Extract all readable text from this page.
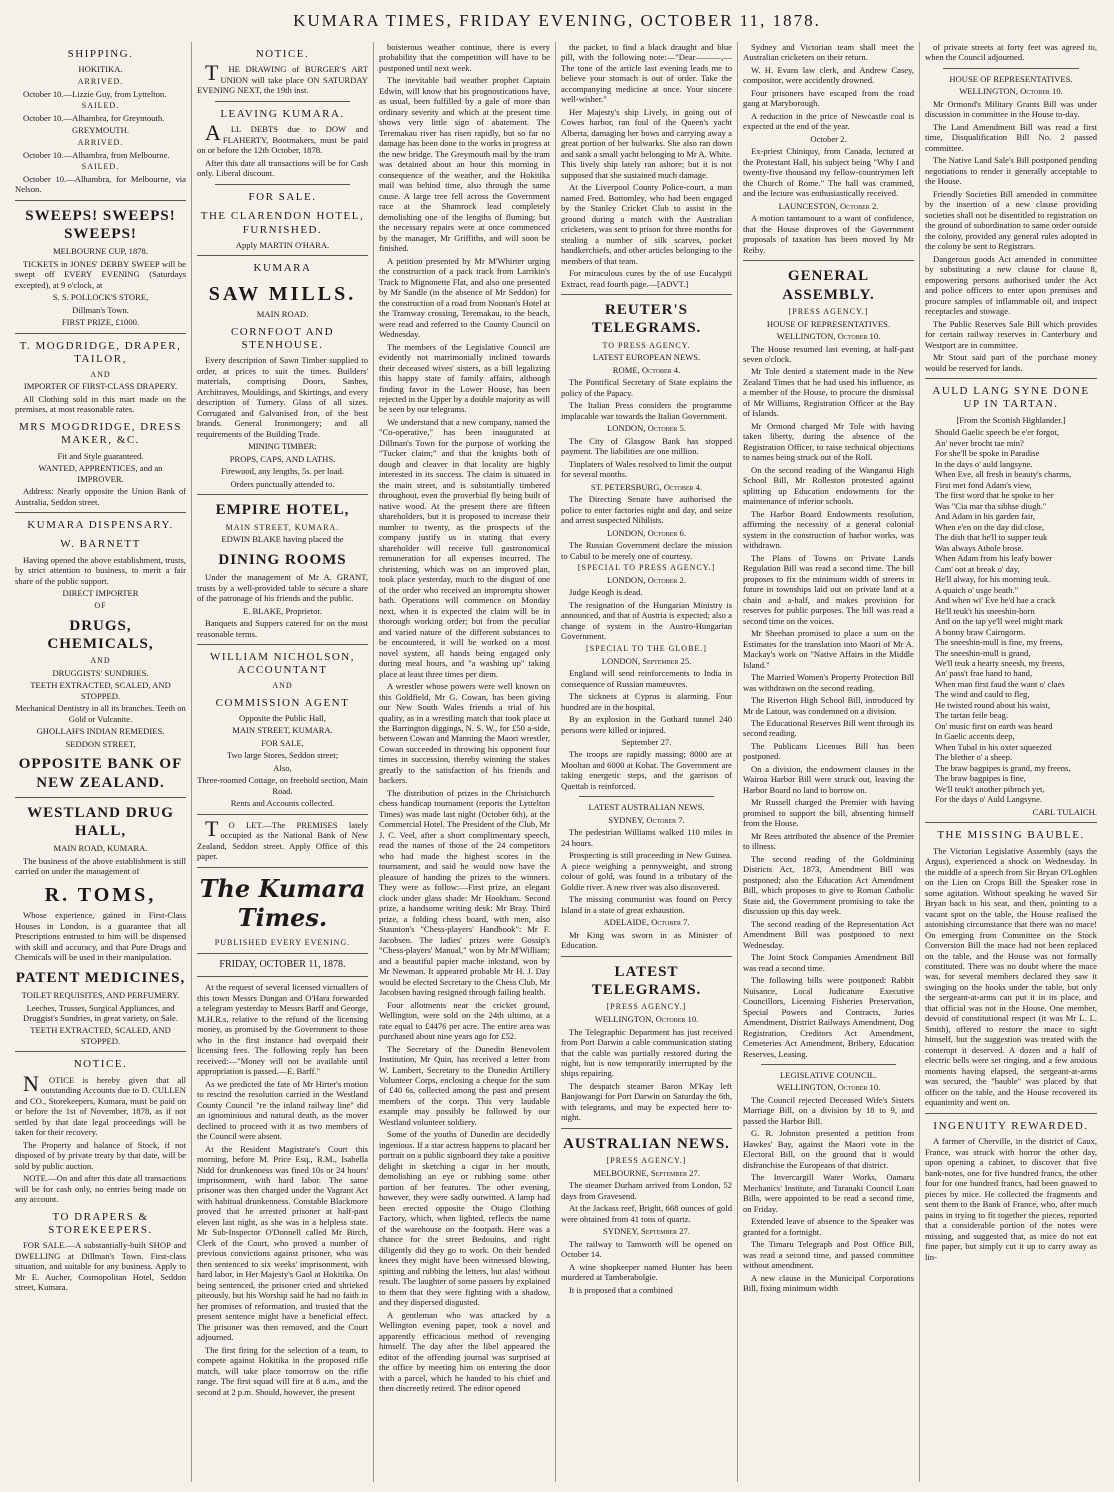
KUMARA TIMES, FRIDAY EVENING, OCTOBER 11, 1878.
SHIPPING.
HOKITIKA.
ARRIVED.

October 10.—Lizzie Guy, from Lyttelton.

SAILED.

October 10.—Alhambra, for Greymouth.

GREYMOUTH.
ARRIVED.

October 10.—Alhambra, from Melbourne.

SAILED.

October 10.—Alhambra, for Melbourne, via Nelson.

SWEEPS! SWEEPS! SWEEPS!
MELBOURNE CUP, 1878.

TICKETS in JONES' DERBY SWEEP will be swept off EVERY EVENING (Saturdays excepted), at 9 o'clock, at

S. S. POLLOCK'S STORE,
Dillman's Town.
FIRST PRIZE, £1000.
T. MOGDRIDGE, DRAPER, TAILOR,
AND
IMPORTER OF FIRST-CLASS DRAPERY.

All Clothing sold in this mart made on the premises, at most reasonable rates.

MRS MOGDRIDGE, DRESS MAKER, &C.
Fit and Style guaranteed.
WANTED, APPRENTICES, and an IMPROVER.

Address: Nearly opposite the Union Bank of Australia, Seddon street.

KUMARA DISPENSARY.
W. BARNETT

Having opened the above establishment, trusts, by strict attention to business, to merit a fair share of the public support.

DIRECT IMPORTER
OF
DRUGS, CHEMICALS,
AND
DRUGGISTS' SUNDRIES.
TEETH EXTRACTED, SCALED, AND STOPPED.
Mechanical Dentistry in all its branches. Teeth on Gold or Vulcanite.
GHOLLAH'S INDIAN REMEDIES.
SEDDON STREET,
OPPOSITE BANK OF NEW ZEALAND.
WESTLAND DRUG HALL,
MAIN ROAD, KUMARA.

The business of the above establishment is still carried on under the management of

R. TOMS,

Whose experience, gained in First-Class Houses in London, is a guarantee that all Prescriptions entrusted to him will be dispensed with skill and accuracy, and that Pure Drugs and Chemicals will be used in their manipulation.

PATENT MEDICINES,
TOILET REQUISITES, AND PERFUMERY.
Leeches, Trusses, Surgical Appliances, and Druggist's Sundries, in great variety, on Sale.
TEETH EXTRACTED, SCALED, AND STOPPED.
NOTICE.

NOTICE is hereby given that all outstanding Accounts due to D. CULLEN and CO., Storekeepers, Kumara, must be paid on or before the 1st of November, 1878, as if not settled by that date legal proceedings will be taken for their recovery.

The Property and balance of Stock, if not disposed of by private treaty by that date, will be sold by public auction.

NOTE.—On and after this date all transactions will be for cash only, no entries being made on any account.

TO DRAPERS & STOREKEEPERS.

FOR SALE.—A substantially-built SHOP and DWELLING at Dillman's Town. First-class situation, and suitable for any business. Apply to Mr E. Aucher, Cosmopolitan Hotel, Seddon street, Kumara.

NOTICE.

THE DRAWING of BURGER'S ART UNION will take place ON SATURDAY EVENING NEXT, the 19th inst.

LEAVING KUMARA.

ALL DEBTS due to DOW and FLAHERTY, Bootmakers, must be paid on or before the 12th October, 1878.

After this date all transactions will be for Cash only. Liberal discount.

FOR SALE.
THE CLARENDON HOTEL, FURNISHED.
Apply MARTIN O'HARA.
KUMARA
SAW MILLS.
MAIN ROAD.
CORNFOOT AND STENHOUSE.

Every description of Sawn Timber supplied to order, at prices to suit the times. Builders' materials, comprising Doors, Sashes, Architraves, Mouldings, and Skirtings, and every description of Turnery. Glass of all sizes. Corrugated and Galvanised Iron, of the best brands. General Ironmongery; and all requirements of the Building Trade.

MINING TIMBER:
PROPS, CAPS, AND LATHS.
Firewood, any lengths, 5s. per load.
Orders punctually attended to.
EMPIRE HOTEL,
MAIN STREET, KUMARA.
EDWIN BLAKE having placed the
DINING ROOMS

Under the management of Mr A. GRANT, trusts by a well-provided table to secure a share of the patronage of his friends and the public.

E. BLAKE, Proprietor.

Banquets and Suppers catered for on the most reasonable terms.

WILLIAM NICHOLSON, ACCOUNTANT
AND
COMMISSION AGENT
Opposite the Public Hall,
MAIN STREET, KUMARA.
FOR SALE,
Two large Stores, Seddon street;
Also,
Three-roomed Cottage, on freehold section, Main Road.
Rents and Accounts collected.

TO LET.—The PREMISES lately occupied as the National Bank of New Zealand, Seddon street. Apply Office of this paper.

The Kumara Times.
PUBLISHED EVERY EVENING.
FRIDAY, OCTOBER 11, 1878.

At the request of several licensed victuallers of this town Messrs Dungan and O'Hara forwarded a telegram yesterday to Messrs Barff and George, M.H.R.s, relative to the refund of the licensing money, as promised by the Government to those who in the first instance had overpaid their licensing fees. The following reply has been received:—"Money will not be available until appropriation is passed.—E. Barff."

As we predicted the fate of Mr Hirter's motion to rescind the resolution carried in the Westland County Council "re the inland railway line" did an ignominious and natural death, as the mover declined to proceed with it as two members of the Council were absent.

At the Resident Magistrate's Court this morning, before M. Price Esq., R.M., Isabella Nidd for drunkenness was fined 10s or 24 hours' imprisonment, with hard labor. The same prisoner was then charged under the Vagrant Act with habitual drunkenness. Constable Blackmore proved that he arrested prisoner at half-past eleven last night, as she was in a helpless state. Mr Sub-Inspector O'Donnell called Mr Birch, Clerk of the Court, who proved a number of previous convictions against prisoner, who was then sentenced to six weeks' imprisonment, with hard labor, in Her Majesty's Gaol at Hokitika. On being sentenced, the prisoner cried and shrieked piteously, but his Worship said he had no faith in her promises of reformation, and trusted that the present sentence might have a beneficial effect. The prisoner was then removed, and the Court adjourned.

The first firing for the selection of a team, to compete against Hokitika in the proposed rifle match, will take place tomorrow on the rifle range. The first squad will fire at 8 a.m., and the second at 2 p.m. Should, however, the present

boisterous weather continue, there is every probability that the competition will have to be postponed until next week.

The inevitable bad weather prophet Captain Edwin, will know that his prognostications have, as usual, been fulfilled by a gale of more than ordinary severity and which at the present time shows very little sign of abatement. The Teremakau river has risen rapidly, but so far no damage has been done to the works in progress at the new bridge. The Greymouth mail by the tram was detained about an hour this morning in consequence of the weather, and the Hokitika mail was behind time, also through the same cause. A large tree fell across the Government race at the Shamrock lead completely demolishing one of the lengths of fluming; but the necessary repairs were at once commenced by the manager, Mr Griffiths, and will soon be finished.

A petition presented by Mr M'Whirter urging the construction of a pack track from Larrikin's Track to Mignonette Flat, and also one presented by Mr Sandle (in the absence of Mr Seddon) for the construction of a road from Noonan's Hotel at the Tramway crossing, Teremakau, to the beach, were read and referred to the County Council on Wednesday.

The members of the Legislative Council are evidently not matrimonially inclined towards their deceased wives' sisters, as a bill legalizing this happy state of family affairs, although finding favor in the Lower House, has been rejected in the Upper by a double majority as will be seen by our telegrams.

We understand that a new company, named the "Co-operative," has been inaugurated at Dillman's Town for the purpose of working the "Tucker claim;" and that the knights both of dough and cleaver in that locality are highly interested in its success. The claim is situated in the main street, and is substantially timbered throughout, even the proverbial fly being built of native wood. At the present there are fifteen shareholders, but it is proposed to increase their number to twenty, as the prospects of the company justify us in stating that every shareholder will receive full gastronomical remuneration for all expenses incurred. The christening, which was on an improved plan, took place yesterday, much to the disgust of one of the order who received an impromptu shower bath. Operations will commence on Monday next, when it is expected the claim will be in thorough working order; but from the peculiar and varied nature of the different substances to be encountered, it will be worked on a most novel system, all hands being engaged only during meal hours, and "a washing up" taking place at least three times per diem.

A wrestler whose powers were well known on this Goldfield, Mr G. Cowan, has been giving our New South Wales friends a trial of his quality, as in a wrestling match that took place at the Barrington diggings, N. S. W., for £50 a-side, between Cowan and Manning the Maori wrestler, Cowan succeeded in throwing his opponent four times in succession, thereby winning the stakes greatly to the satisfaction of his friends and backers.

The distribution of prizes in the Christchurch chess handicap tournament (reports the Lyttelton Times) was made last night (October 6th), at the Commercial Hotel. The President of the Club, Mr J. C. Veel, after a short complimentary speech, read the names of those of the 24 competitors who had made the highest scores in the tournament, and said he would now have the pleasure of handing the prizes to the winners. They were as follow:—First prize, an elegant clock under glass shade: Mr Hookham. Second prize, a handsome writing desk: Mr Bray. Third prize, a folding chess board, with men, also Staunton's "Chess-players' Handbook": Mr F. Jacobsen. The ladies' prizes were Gossip's "Chess-players' Manual," won by Mr M'William; and a beautiful papier mache inkstand, won by Mr Newman. It appeared probable Mr H. J. Day would be elected Secretary to the Chess Club, Mr Jacobsen having resigned through failing health.

Four allotments near the cricket ground, Wellington, were sold on the 24th ultimo, at a rate equal to £4476 per acre. The entire area was purchased about nine years ago for £52.

The Secretary of the Dunedin Benevolent Institution, Mr Quin, has received a letter from W. Lambert, Secretary to the Dunedin Artillery Volunteer Corps, enclosing a cheque for the sum of £40 6s, collected among the past and present members of the corps. This very laudable example may possibly be followed by our Westland volunteer soldiery.

Some of the youths of Dunedin are decidedly ingenious. If a star actress happens to placard her portrait on a public signboard they take a positive delight in sketching a cigar in her mouth, demolishing an eye or rubbing some other portion of her features. The other evening, however, they were sadly outwitted. A lamp had been erected opposite the Otago Clothing Factory, which, when lighted, reflects the name of the warehouse on the footpath. Here was a chance for the street Bedouins, and right diligently did they go to work. On their bended knees they might have been witnessed blowing, spitting and rubbing the letters, but alas! without result. The laughter of some passers by explained to them that they were fighting with a shadow, and they dispersed disgusted.

A gentleman who was attacked by a Wellington evening paper, took a novel and apparently efficacious method of revenging himself. The day after the libel appeared the editor of the offending journal was surprised at the office by meeting him on entering the door with a parcel, which he handed to his chief and then discreetly retired. The editor opened

the packet, to find a black draught and blue pill, with the following note:—"Dear———,—The tone of the article last evening leads me to believe your stomach is out of order. Take the accompanying medicine at once. Your sincere well-wisher."

Her Majesty's ship Lively, in going out of Cowes harbor, ran foul of the Queen's yacht Alberta, damaging her bows and carrying away a great portion of her bulwarks. She also ran down and sank a small yacht belonging to Mr A. White. This lively ship lately ran ashore; but it is not supposed that she sustained much damage.

At the Liverpool County Police-court, a man named Fred. Bottomley, who had been engaged by the Stanley Cricket Club to assist in the ground during a match with the Australian cricketers, was sent to prison for three months for stealing a number of silk scarves, pocket handkerchiefs, and other articles belonging to the members of that team.

For miraculous cures by the of use Eucalypti Extract, read fourth page.—[ADVT.]

REUTER'S TELEGRAMS.
TO PRESS AGENCY.
LATEST EUROPEAN NEWS.
ROME, October 4.

The Pontifical Secretary of State explains the policy of the Papacy.

The Italian Press considers the programme implacable war towards the Italian Government.

LONDON, October 5.

The City of Glasgow Bank has stopped payment. The liabilities are one million.

Tinplaters of Wales resolved to limit the output for several months.

ST. PETERSBURG, October 4.

The Directing Senate have authorised the police to enter factories night and day, and seize and arrest suspected Nihilists.

LONDON, October 6.

The Russian Government declare the mission to Cabul to be merely one of courtesy.

[SPECIAL TO PRESS AGENCY.]
LONDON, October 2.

Judge Keogh is dead.

The resignation of the Hungarian Ministry is announced, and that of Austria is expected; also a change of system in the Austro-Hungarian Government.

[SPECIAL TO THE GLOBE.]
LONDON, September 25.

England will send reinforcements to India in consequence of Russian manœuvres.

The sickness at Cyprus is alarming. Four hundred are in the hospital.

By an explosion in the Gothard tunnel 240 persons were killed or injured.

September 27.

The troops are rapidly massing; 8000 are at Mooltan and 6000 at Kohat. The Government are taking energetic steps, and the garrison of Quettah is reinforced.

LATEST AUSTRALIAN NEWS.
SYDNEY, October 7.

The pedestrian Williams walked 110 miles in 24 hours.

Prospecting is still proceeding in New Guinea. A piece weighing a pennyweight, and strong colour of gold, was found in a tributary of the Goldie river. A new river was also discovered.

The missing communist was found on Percy Island in a state of great exhaustion.

ADELAIDE, October 7.

Mr King was sworn in as Minister of Education.

LATEST TELEGRAMS.
[PRESS AGENCY.]
WELLINGTON, October 10.

The Telegraphic Department has just received from Port Darwin a cable communication stating that the cable was partially restored during the night, but is now temporarily interrupted by the ships repairing.

The despatch steamer Baron M'Kay left Banjowangi for Port Darwin on Saturday the 6th, with telegrams, and may be expected here to-night.

AUSTRALIAN NEWS.
[PRESS AGENCY.]
MELBOURNE, September 27.

The steamer Durham arrived from London, 52 days from Gravesend.

At the Jackass reef, Bright, 668 ounces of gold were obtained from 41 tons of quartz.

SYDNEY, September 27.

The railway to Tamworth will be opened on October 14.

A wine shopkeeper named Hunter has been murdered at Tamberabolgie.

It is proposed that a combined

Sydney and Victorian team shall meet the Australian cricketers on their return.

W. H. Evans law clerk, and Andrew Casey, compositor, were accidently drowned.

Four prisoners have escaped from the road gang at Maryborough.

A reduction in the price of Newcastle coal is expected at the end of the year.

October 2.

Ex-priest Chiniquy, from Canada, lectured at the Protestant Hall, his subject being "Why I and twenty-five thousand my fellow-countrymen left the Church of Rome." The hall was crammed, and the lecture was enthusiastically received.

LAUNCESTON, October 2.

A motion tantamount to a want of confidence, that the House disproves of the Government proposals of taxation has been moved by Mr Reiby.

GENERAL ASSEMBLY.
[PRESS AGENCY.]
HOUSE OF REPRESENTATIVES.
WELLINGTON, October 10.

The House resumed last evening, at half-past seven o'clock.

Mr Tole denied a statement made in the New Zealand Times that he had used his influence, as a member of the House, to procure the dismissal of Mr Williams, Registration Officer at the Bay of Islands.

Mr Ormond charged Mr Tole with having taken liberty, during the absence of the Registration Officer, to raise technical objections to names being struck out of the Roll.

On the second reading of the Wanganui High School Bill, Mr Rolleston protested against splitting up Education endowments for the maintenance of inferior schools.

The Harbor Board Endowments resolution, affirming the necessity of a general colonial system in the construction of harbor works, was withdrawn.

The Plans of Towns on Private Lands Regulation Bill was read a second time. The bill proposes to fix the minimum width of streets in future in townships laid out on private land at a chain and a-half, and makes provision for reserves for public purposes. The bill was read a second time on the voices.

Mr Sheehan promised to place a sum on the Estimates for the translation into Maori of Mr A. Mackay's work on "Native Affairs in the Middle Island."

The Married Women's Property Protection Bill was withdrawn on the second reading.

The Riverton High School Bill, introduced by Mr de Latour, was condemned on a division.

The Educational Reserves Bill went through its second reading.

The Publicans Licenses Bill has been postponed.

On a division, the endowment clauses in the Wairoa Harbor Bill were struck out, leaving the Harbor Board no land to borrow on.

Mr Russell charged the Premier with having promised to support the bill, absenting himself from the House.

Mr Rees attributed the absence of the Premier to illness.

The second reading of the Goldmining Districts Act, 1873, Amendment Bill was postponed; also the Education Act Amendment Bill, which proposes to give to Roman Catholic State aid, the Government promising to take the discussion up this day week.

The second reading of the Representation Act Amendment Bill was postponed to next Wednesday.

The Joint Stock Companies Amendment Bill was read a second time.

The following bills were postponed: Rabbit Nuisance, Local Judicature Executive Councillors, Licensing Fisheries Preservation, Special Powers and Contracts, Juries Amendment, District Railways Amendment, Dog Registration, Creditors Act Amendment, Cemeteries Act Amendment, Bribery, Education Reserves, Leasing.

LEGISLATIVE COUNCIL.
WELLINGTON, October 10.

The Council rejected Deceased Wife's Sisters Marriage Bill, on a division by 18 to 9, and passed the Harbor Bill.

G. R. Johnston presented a petition from Hawkes' Bay, against the Maori vote in the Electoral Bill, on the ground that it would disfranchise the Europeans of that district.

The Invercargill Water Works, Oamaru Mechanics' Institute, and Taranaki Council Loan Bills, were appointed to be read a second time, on Friday.

Extended leave of absence to the Speaker was granted for a fortnight.

The Timaru Telegraph and Post Office Bill, was read a second time, and passed committee without amendment.

A new clause in the Municipal Corporations Bill, fixing minimum width

of private streets at forty feet was agreed to, when the Council adjourned.

HOUSE OF REPRESENTATIVES.
WELLINGTON, October 10.

Mr Ormond's Military Grants Bill was under discussion in committee in the House to-day.

The Land Amendment Bill was read a first time, Disqualification Bill No. 2 passed committee.

The Native Land Sale's Bill postponed pending negotiations to render it generally acceptable to the House.

Friendly Societies Bill amended in committee by the insertion of a new clause providing societies shall not be disentitled to registration on the ground of subordination to same order outside the colony, provided any general rules adopted in the colony be sent to Registrars.

Dangerous goods Act amended in committee by substituting a new clause for clause 8, empowering persons authorised under the Act and police officers to enter upon premises and procure samples of inflammable oil, and inspect receptacles and stowage.

The Public Reserves Sale Bill which provides for certain railway reserves in Canterbury and Westport are in committee.

Mr Stout said part of the purchase money would be reserved for lands.

AULD LANG SYNE DONE UP IN TARTAN.
[From the Scottish Highlander.]
Should Gaelic speech be e'er forgot,
An' never brocht tae min?
For she'll be spoke in Paradise
In the days o' auld langsyne.
When Eve, all fresh in beauty's charms,
First met fond Adam's view,
The first word that he spoke to her
Was "Cia mar tha sibhse diugh."
And Adam in his garden fair,
When e'en on the day did close,
The dish that he'll to supper teuk
Was always Athole brose.
When Adam from his leafy bower
Cam' oot at break o' day,
He'll alway, for his morning teuk.
A quaich o' usge beath."
And when wi' Eve he'd hae a crack
He'll teuk't his sneeshin-horn
And on the tap ye'll weel might mark
A bonny braw Cairngorm.
The sneeshin-mull is fine, my freens,
The sneeshin-mull is grand,
We'll teuk a hearty sneesh, my freens,
An' pass't frae hand to hand,
When man first faud the want o' claes
The wind and cauld to fleg,
He twisted round about his waist,
The tartan feile beag.
On' music first on earth was heard
In Gaelic accents deep,
When Tubal in his oxter squeezed
The blether o' a sheep.
The braw bagpipes is grand, my freens,
The braw bagpipes is fine,
We'll teuk't another pibroch yet,
For the days o' Auld Langsyne.
CARL TULAICH.
THE MISSING BAUBLE.

The Victorian Legislative Assembly (says the Argus), experienced a shock on Wednesday. In the middle of a speech from Sir Bryan O'Loghlen on the Lien on Crops Bill the Speaker rose in some agitation. Without speaking he waved Sir Bryan back to his seat, and then, pointing to a vacant spot on the table, the House realised the astonishing circumstance that there was no mace! On emerging from Committee on the Stock Conversion Bill the mace had not been replaced on the table, and the House was not formally constituted. There was no doubt where the mace was, for several members declared they saw it swinging on the hooks under the table, but only the sergeant-at-arms can put it in its place, and that official was not in the House. One member, devoid of constitutional respect (it was Mr L. L. Smith), offered to restore the mace to sight himself, but the suggestion was treated with the contempt it deserved. A dozen and a half of electric bells were set ringing, and a few anxious moments having elapsed, the sergeant-at-arms was secured, the "bauble" was placed by that officer on the table, and the House recovered its equanimity and went on.

INGENUITY REWARDED.

A farmer of Cherville, in the district of Caux, France, was struck with horror the other day, upon opening a cabinet, to discover that five bank-notes, one for five hundred francs, the other four for one hundred francs, had been gnawed to pieces by mice. He collected the fragments and sent them to the Bank of France, who, after much pains in trying to fit together the pieces, reported that a considerable portion of the notes were missing, and suggested that, as mice do not eat fine paper, but simply cut it up to carry away as lin-
